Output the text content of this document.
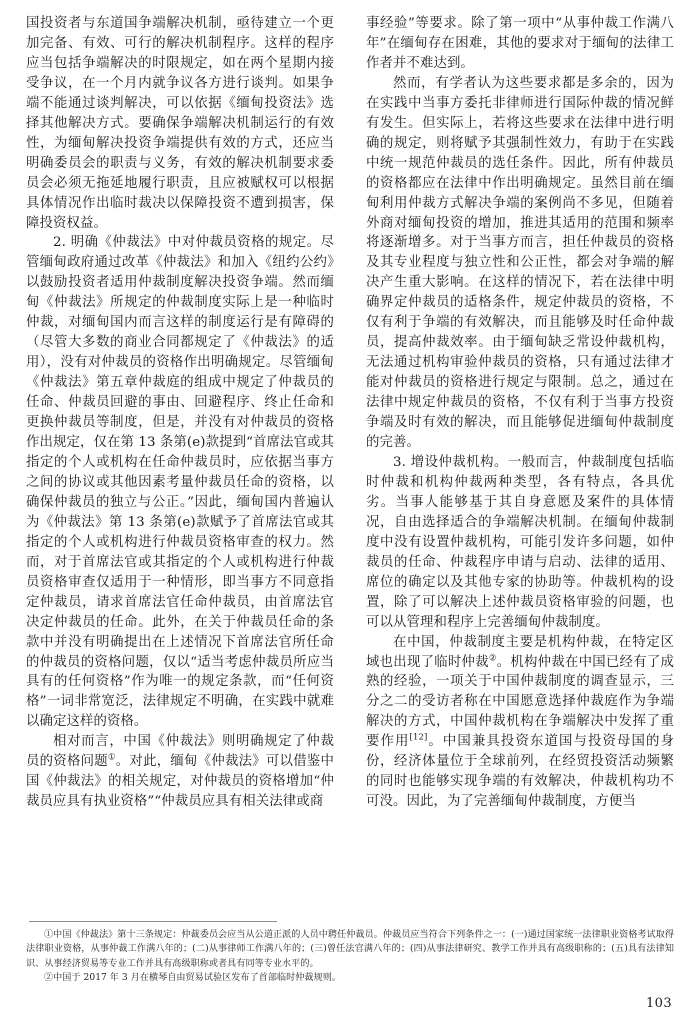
国投资者与东道国争端解决机制，亟待建立一个更加完备、有效、可行的解决机制程序。这样的程序应当包括争端解决的时限规定，如在两个星期内接受争议，在一个月内就争议各方进行谈判。如果争端不能通过谈判解决，可以依据《缅甸投资法》选择其他解决方式。要确保争端解决机制运行的有效性，为缅甸解决投资争端提供有效的方式，还应当明确委员会的职责与义务，有效的解决机制要求委员会必须无拖延地履行职责，且应被赋权可以根据具体情况作出临时裁决以保障投资不遭到损害，保障投资权益。

2. 明确《仲裁法》中对仲裁员资格的规定。尽管缅甸政府通过改革《仲裁法》和加入《纽约公约》以鼓励投资者适用仲裁制度解决投资争端。然而缅甸《仲裁法》所规定的仲裁制度实际上是一种临时仲裁，对缅甸国内而言这样的制度运行是有障碍的（尽管大多数的商业合同都规定了《仲裁法》的适用），没有对仲裁员的资格作出明确规定。尽管缅甸《仲裁法》第五章仲裁庭的组成中规定了仲裁员的任命、仲裁员回避的事由、回避程序、终止任命和更换仲裁员等制度，但是，并没有对仲裁员的资格作出规定，仅在第 13 条第(e)款提到“首席法官或其指定的个人或机构在任命仲裁员时，应依据当事方之间的协议或其他因素考量仲裁员任命的资格，以确保仲裁员的独立与公正。”因此，缅甸国内普遍认为《仲裁法》第 13 条第(e)款赋予了首席法官或其指定的个人或机构进行仲裁员资格审查的权力。然而，对于首席法官或其指定的个人或机构进行仲裁员资格审查仅适用于一种情形，即当事方不同意指定仲裁员，请求首席法官任命仲裁员，由首席法官决定仲裁员的任命。此外，在关于仲裁员任命的条款中并没有明确提出在上述情况下首席法官所任命的仲裁员的资格问题，仅以“适当考虑仲裁员所应当具有的任何资格”作为唯一的规定条款，而“任何资格”一词非常宽泛，法律规定不明确，在实践中就难以确定这样的资格。

相对而言，中国《仲裁法》则明确规定了仲裁员的资格问题①。对此，缅甸《仲裁法》可以借鉴中国《仲裁法》的相关规定，对仲裁员的资格增加“仲裁员应具有执业资格”“仲裁员应具有相关法律或商

事经验”等要求。除了第一项中“从事仲裁工作满八年”在缅甸存在困难，其他的要求对于缅甸的法律工作者并不难达到。

然而，有学者认为这些要求都是多余的，因为在实践中当事方委托非律师进行国际仲裁的情况鲜有发生。但实际上，若将这些要求在法律中进行明确的规定，则将赋予其强制性效力，有助于在实践中统一规范仲裁员的选任条件。因此，所有仲裁员的资格都应在法律中作出明确规定。虽然目前在缅甸利用仲裁方式解决争端的案例尚不多见，但随着外商对缅甸投资的增加，推进其适用的范围和频率将逐渐增多。对于当事方而言，担任仲裁员的资格及其专业程度与独立性和公正性，都会对争端的解决产生重大影响。在这样的情况下，若在法律中明确界定仲裁员的适格条件，规定仲裁员的资格，不仅有利于争端的有效解决，而且能够及时任命仲裁员，提高仲裁效率。由于缅甸缺乏常设仲裁机构，无法通过机构审验仲裁员的资格，只有通过法律才能对仲裁员的资格进行规定与限制。总之，通过在法律中规定仲裁员的资格，不仅有利于当事方投资争端及时有效的解决，而且能够促进缅甸仲裁制度的完善。

3. 增设仲裁机构。一般而言，仲裁制度包括临时仲裁和机构仲裁两种类型，各有特点，各具优劣。当事人能够基于其自身意愿及案件的具体情况，自由选择适合的争端解决机制。在缅甸仲裁制度中没有设置仲裁机构，可能引发许多问题，如仲裁员的任命、仲裁程序申请与启动、法律的适用、席位的确定以及其他专家的协助等。仲裁机构的设置，除了可以解决上述仲裁员资格审验的问题，也可以从管理和程序上完善缅甸仲裁制度。

在中国，仲裁制度主要是机构仲裁，在特定区域也出现了临时仲裁②。机构仲裁在中国已经有了成熟的经验，一项关于中国仲裁制度的调查显示，三分之二的受访者称在中国愿意选择仲裁庭作为争端解决的方式，中国仲裁机构在争端解决中发挥了重要作用[12]。中国兼具投资东道国与投资母国的身份，经济体量位于全球前列，在经贸投资活动频繁的同时也能够实现争端的有效解决，仲裁机构功不可没。因此，为了完善缅甸仲裁制度，方便当

①中国《仲裁法》第十三条规定：仲裁委员会应当从公道正派的人员中聘任仲裁员。仲裁员应当符合下列条件之一：(一)通过国家统一法律职业资格考试取得法律职业资格，从事仲裁工作满八年的；(二)从事律师工作满八年的；(三)曾任法官满八年的；(四)从事法律研究、教学工作并具有高级职称的；(五)具有法律知识、从事经济贸易等专业工作并具有高级职称或者具有同等专业水平的。

②中国于 2017 年 3 月在横琴自由贸易试验区发布了首部临时仲裁规则。

103
